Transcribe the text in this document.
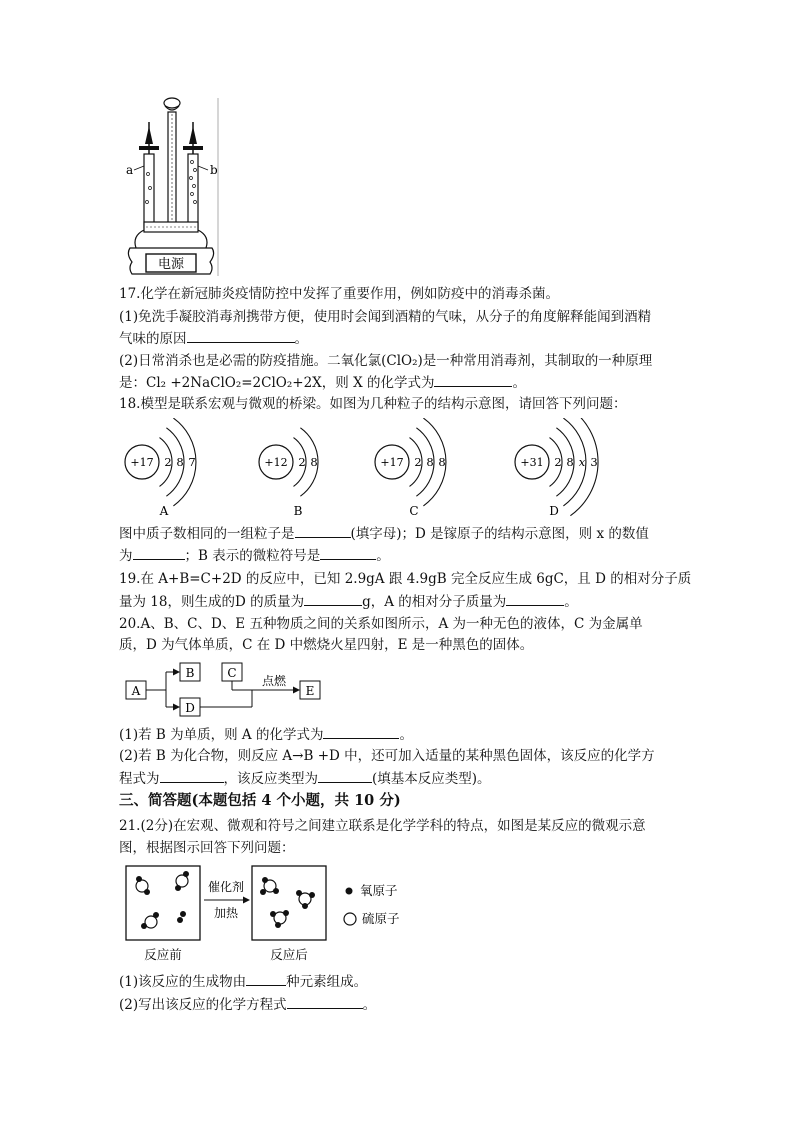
a	b
电源
17.化学在新冠肺炎疫情防控中发挥了重要作用，例如防疫中的消毒杀菌。
(1)免洗手凝胶消毒剂携带方便，使用时会闻到酒精的气味，从分子的角度解释能闻到酒精
气味的原因	。
(2)日常消杀也是必需的防疫措施。二氧化氯(ClO₂)是一种常用消毒剂，其制取的一种原理
是：Cl₂ +2NaClO₂=2ClO₂+2X，则 X 的化学式为	。
18.模型是联系宏观与微观的桥梁。如图为几种粒子的结构示意图，请回答下列问题：
+17 2 8 7
A
+12 2 8
B
+17 2 8 8
C
+31 2 8 x 3
D
图中质子数相同的一组粒子是	(填字母)；D 是镓原子的结构示意图，则 x 的数值
为	；B 表示的微粒符号是	。
19.在 A+B=C+2D 的反应中，已知 2.9gA 跟 4.9gB 完全反应生成 6gC，且 D 的相对分子质
量为 18，则生成的D 的质量为	g，A 的相对分子质量为	。
20.A、B、C、D、E 五种物质之间的关系如图所示，A 为一种无色的液体，C 为金属单
质，D 为气体单质，C 在 D 中燃烧火星四射，E 是一种黑色的固体。
A
B
D
C
点燃
E
(1)若 B 为单质，则 A 的化学式为	。
(2)若 B 为化合物，则反应 A→B +D 中，还可加入适量的某种黑色固体，该反应的化学方
程式为	，该反应类型为	(填基本反应类型)。
三、简答题(本题包括 4 个小题，共 10 分)
21.(2分)在宏观、微观和符号之间建立联系是化学学科的特点，如图是某反应的微观示意
图，根据图示回答下列问题：
催化剂
加热
反应前	反应后
氧原子
硫原子
(1)该反应的生成物由	种元素组成。
(2)写出该反应的化学方程式	。
